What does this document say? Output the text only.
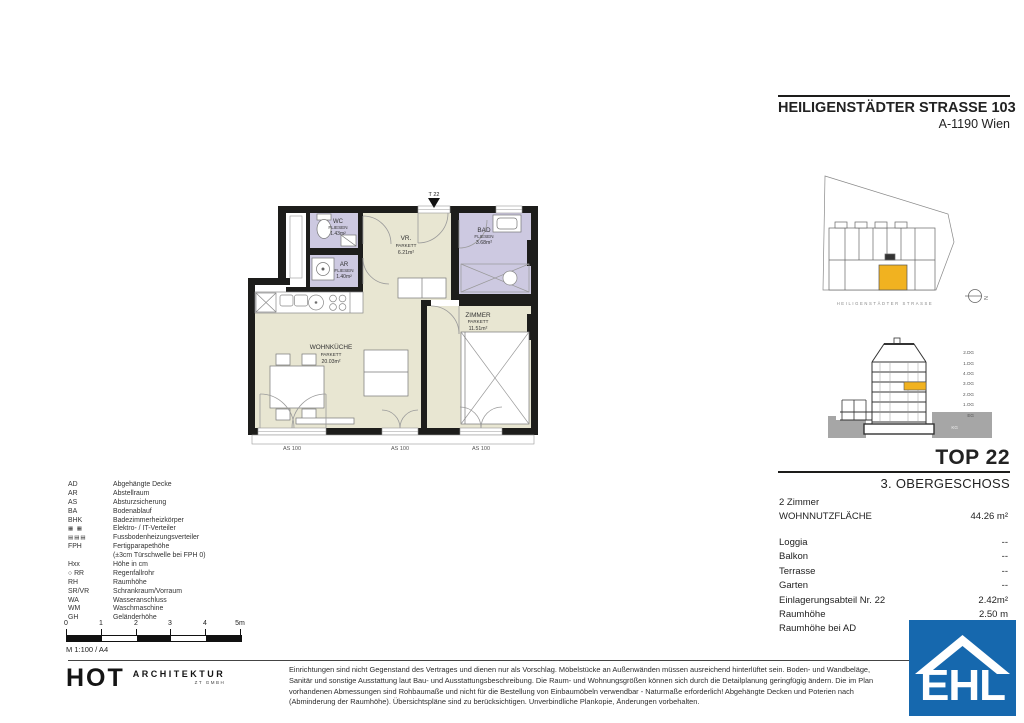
T 22
WC
FLIESEN
1.43m²
AR
FLIESEN
1.40m²
VR.
PARKETT
6.21m²
BAD
FLIESEN
3.68m²
ZIMMER
PARKETT
11.51m²
WOHNKÜCHE
PARKETT
20.03m²
AS 100	AS 100	AS 100
HEILIGENSTÄDTER STRASSE 103
A-1190 Wien
HEILIGENSTÄDTER STRASSE
N
2.DG
1.DG
4.OG
3.OG
2.OG
1.OG
EG
KG
TOP 22
3. OBERGESCHOSS
2 Zimmer
WOHNNUTZFLÄCHE	44.26 m²
Loggia	--
Balkon	--
Terrasse	--
Garten	--
Einlagerungsabteil Nr. 22	2.42m²
Raumhöhe	2.50 m
Raumhöhe bei AD
AD	Abgehängte Decke
AR	Abstellraum
AS	Absturzsicherung
BA	Bodenablauf
BHK	Badezimmerheizkörper
▦ ▦	Elektro- / IT-Verteiler
▤▤▤	Fussbodenheizungsverteiler
FPH	Fertigparapethöhe
(±3cm Türschwelle bei FPH 0)
Hxx	Höhe in cm
○ RR	Regenfallrohr
RH	Raumhöhe
SR/VR	Schrankraum/Vorraum
WA	Wasseranschluss
WM	Waschmaschine
GH	Geländerhöhe
0	1	2	3	4	5m
M 1:100 / A4
HOT ARCHITEKTUR
ZT GMBH
Einrichtungen sind nicht Gegenstand des Vertrages und dienen nur als Vorschlag. Möbelstücke an Außenwänden müssen ausreichend hinterlüftet sein. Boden- und Wandbeläge,
Sanitär und sonstige Ausstattung laut Bau- und Ausstattungsbeschreibung. Die Raum- und Wohnungsgrößen können sich durch die Detailplanung geringfügig ändern. Die im Plan
vorhandenen Abmessungen sind Rohbaumaße und nicht für die Bestellung von Einbaumöbeln verwendbar - Naturmaße erforderlich! Abgehängte Decken und Poterien nach
(Abminderung der Raumhöhe). Übersichtspläne sind zu berücksichtigen. Unverbindliche Plankopie, Änderungen vorbehalten.	EHL
